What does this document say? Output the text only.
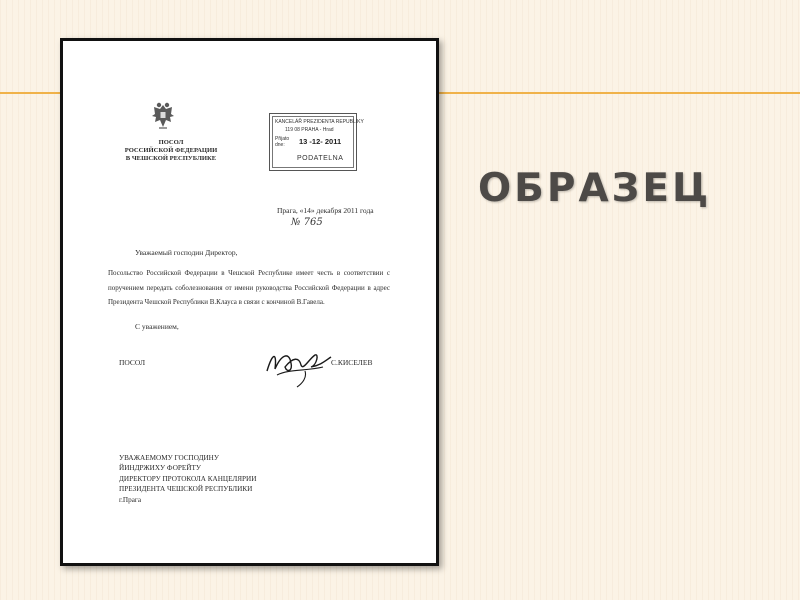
ОБРАЗЕЦ
ПОСОЛ
РОССИЙСКОЙ ФЕДЕРАЦИИ
В ЧЕШСКОЙ РЕСПУБЛИКЕ
KANCELÁŘ PREZIDENTA REPUBLIKY
119 08 PRAHA - Hrad
Přijato
dne: 13 -12- 2011
PODATELNA
Прага, «14» декабря 2011 года
№ 765
Уважаемый господин Директор,
Посольство Российской Федерации в Чешской Республике имеет честь в соответствии с поручением передать соболезнования от имени руководства Российской Федерации в адрес Президента Чешской Республики В.Клауса в связи с кончиной В.Гавела.
С уважением,
ПОСОЛ	С.КИСЕЛЕВ
УВАЖАЕМОМУ ГОСПОДИНУ
ЙИНДРЖИХУ ФОРЕЙТУ
ДИРЕКТОРУ ПРОТОКОЛА КАНЦЕЛЯРИИ
ПРЕЗИДЕНТА ЧЕШСКОЙ РЕСПУБЛИКИ
г.Прага
